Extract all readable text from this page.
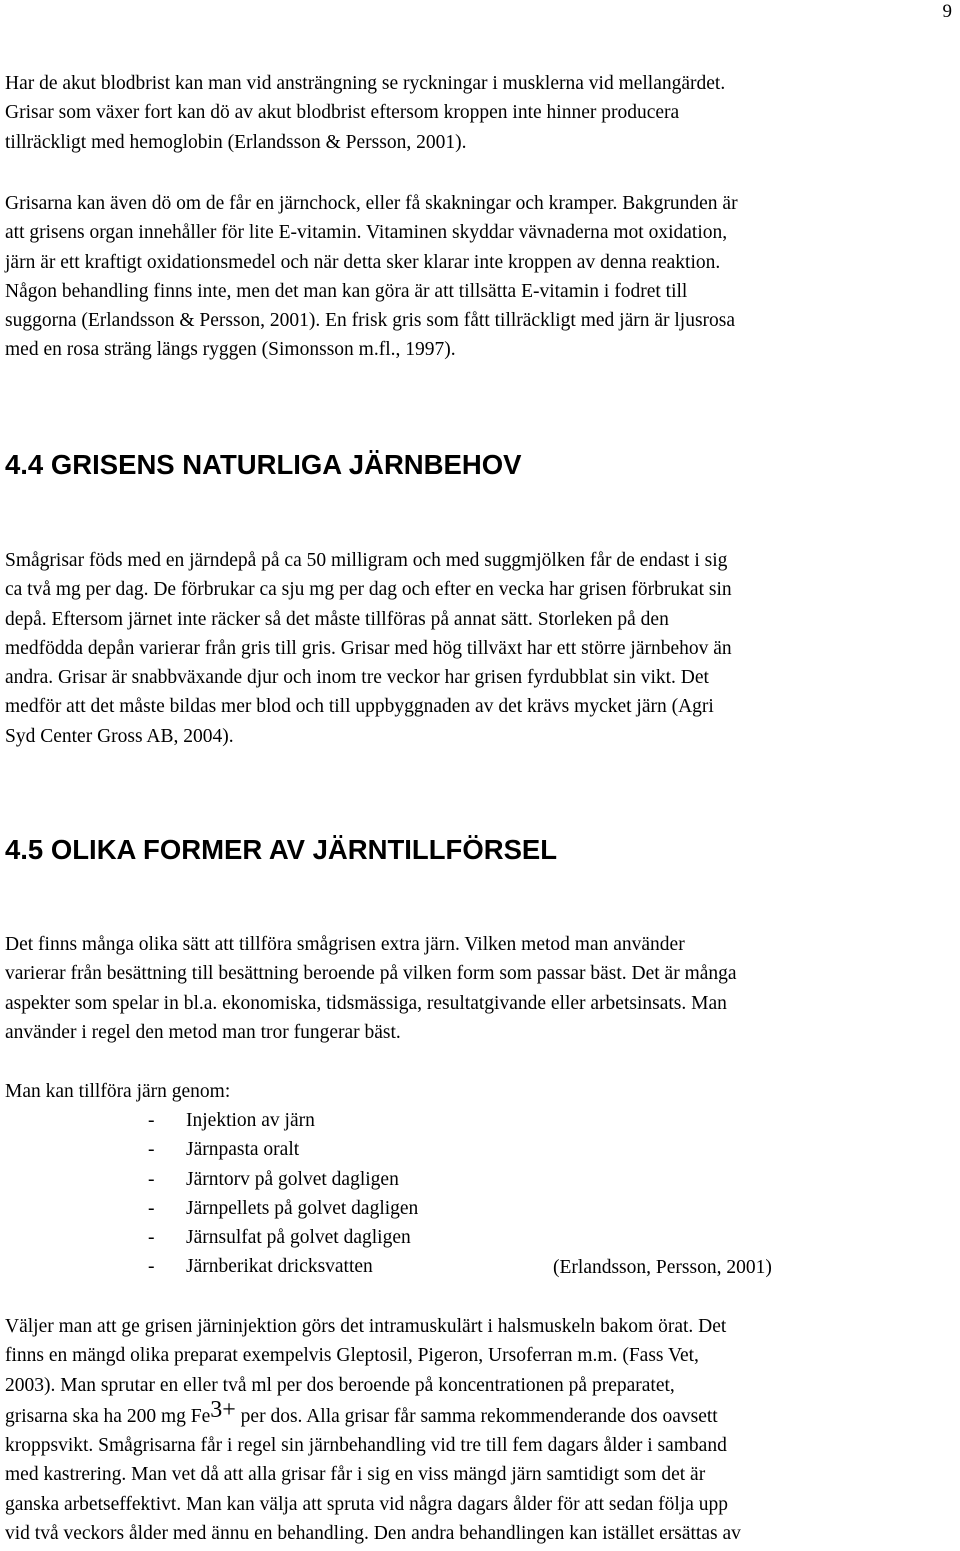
9

Har de akut blodbrist kan man vid ansträngning se ryckningar i musklerna vid mellangärdet.
Grisar som växer fort kan dö av akut blodbrist eftersom kroppen inte hinner producera
tillräckligt med hemoglobin (Erlandsson & Persson, 2001).

Grisarna kan även dö om de får en järnchock, eller få skakningar och kramper. Bakgrunden är
att grisens organ innehåller för lite E-vitamin. Vitaminen skyddar vävnaderna mot oxidation,
järn är ett kraftigt oxidationsmedel och när detta sker klarar inte kroppen av denna reaktion.
Någon behandling finns inte, men det man kan göra är att tillsätta E-vitamin i fodret till
suggorna (Erlandsson & Persson, 2001). En frisk gris som fått tillräckligt med järn är ljusrosa
med en rosa sträng längs ryggen (Simonsson m.fl., 1997).

4.4 GRISENS NATURLIGA JÄRNBEHOV

Smågrisar föds med en järndepå på ca 50 milligram och med suggmjölken får de endast i sig
ca två mg per dag. De förbrukar ca sju mg per dag och efter en vecka har grisen förbrukat sin
depå. Eftersom järnet inte räcker så det måste tillföras på annat sätt. Storleken på den
medfödda depån varierar från gris till gris. Grisar med hög tillväxt har ett större järnbehov än
andra. Grisar är snabbväxande djur och inom tre veckor har grisen fyrdubblat sin vikt. Det
medför att det måste bildas mer blod och till uppbyggnaden av det krävs mycket järn (Agri
Syd Center Gross AB, 2004).

4.5 OLIKA FORMER AV JÄRNTILLFÖRSEL

Det finns många olika sätt att tillföra smågrisen extra järn. Vilken metod man använder
varierar från besättning till besättning beroende på vilken form som passar bäst. Det är många
aspekter som spelar in bl.a. ekonomiska, tidsmässiga, resultatgivande eller arbetsinsats. Man
använder i regel den metod man tror fungerar bäst.

Man kan tillföra järn genom:

- Injektion av järn
- Järnpasta oralt
- Järntorv på golvet dagligen
- Järnpellets på golvet dagligen
- Järnsulfat på golvet dagligen
- Järnberikat dricksvatten	(Erlandsson, Persson, 2001)

Väljer man att ge grisen järninjektion görs det intramuskulärt i halsmuskeln bakom örat. Det
finns en mängd olika preparat exempelvis Gleptosil, Pigeron, Ursoferran m.m. (Fass Vet,
2003). Man sprutar en eller två ml per dos beroende på koncentrationen på preparatet,
grisarna ska ha 200 mg $Fe^{3+}$ per dos. Alla grisar får samma rekommenderande dos oavsett
kroppsvikt. Smågrisarna får i regel sin järnbehandling vid tre till fem dagars ålder i samband
med kastrering. Man vet då att alla grisar får i sig en viss mängd järn samtidigt som det är
ganska arbetseffektivt. Man kan välja att spruta vid några dagars ålder för att sedan följa upp
vid två veckors ålder med ännu en behandling. Den andra behandlingen kan istället ersättas av
